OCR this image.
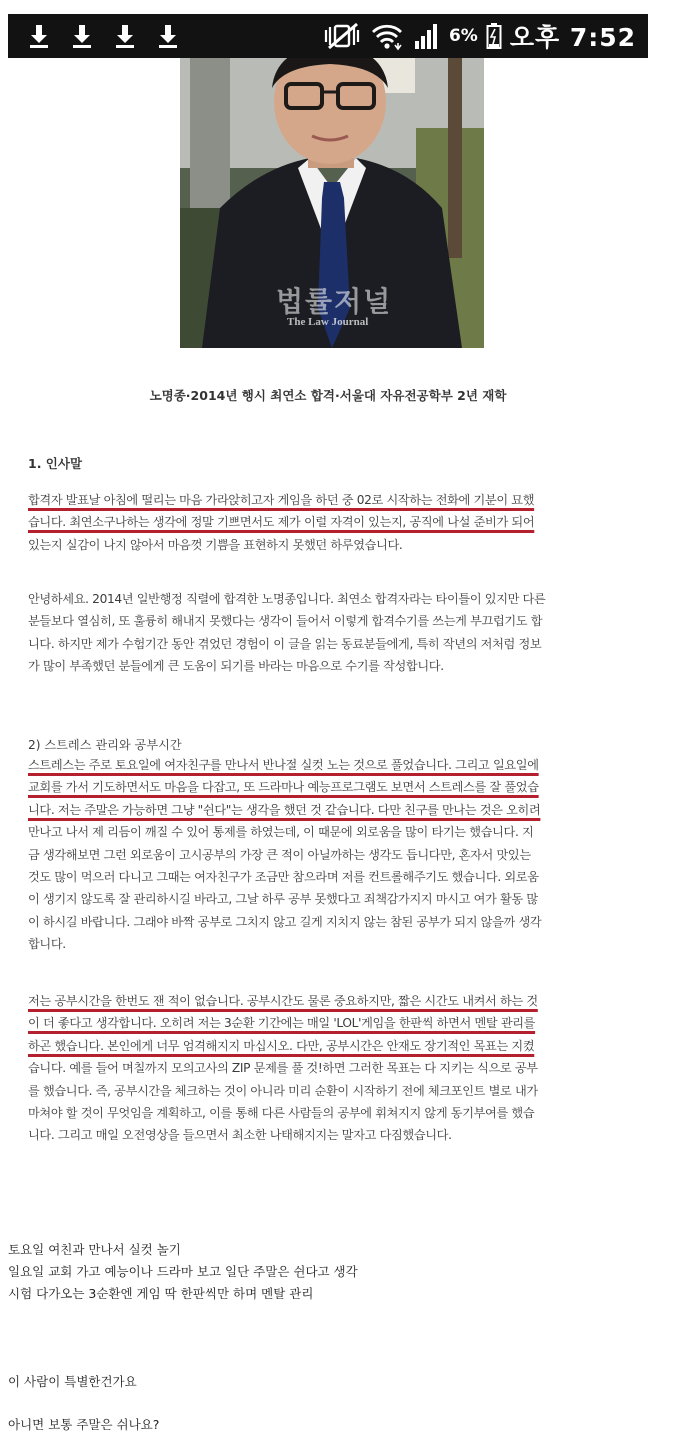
6% 오후 7:52
법률저널
The Law Journal
노명종·2014년 행시 최연소 합격·서울대 자유전공학부 2년 재학
1. 인사말
합격자 발표날 아침에 떨리는 마음 가라앉히고자 게임을 하던 중 02로 시작하는 전화에 기분이 묘했
습니다. 최연소구나하는 생각에 정말 기쁘면서도 제가 이럴 자격이 있는지, 공직에 나설 준비가 되어
있는지 실감이 나지 않아서 마음껏 기쁨을 표현하지 못했던 하루였습니다.
안녕하세요. 2014년 일반행정 직렬에 합격한 노명종입니다. 최연소 합격자라는 타이틀이 있지만 다른
분들보다 열심히, 또 훌륭히 해내지 못했다는 생각이 들어서 이렇게 합격수기를 쓰는게 부끄럽기도 합
니다. 하지만 제가 수험기간 동안 겪었던 경험이 이 글을 읽는 동료분들에게, 특히 작년의 저처럼 정보
가 많이 부족했던 분들에게 큰 도움이 되기를 바라는 마음으로 수기를 작성합니다.
2) 스트레스 관리와 공부시간
스트레스는 주로 토요일에 여자친구를 만나서 반나절 실컷 노는 것으로 풀었습니다. 그리고 일요일에
교회를 가서 기도하면서도 마음을 다잡고, 또 드라마나 예능프로그램도 보면서 스트레스를 잘 풀었습
니다. 저는 주말은 가능하면 그냥 "쉰다"는 생각을 했던 것 같습니다. 다만 친구를 만나는 것은 오히려
만나고 나서 제 리듬이 깨질 수 있어 통제를 하였는데, 이 때문에 외로움을 많이 타기는 했습니다. 지
금 생각해보면 그런 외로움이 고시공부의 가장 큰 적이 아닐까하는 생각도 듭니다만, 혼자서 맛있는
것도 많이 먹으러 다니고 그때는 여자친구가 조금만 참으라며 저를 컨트롤해주기도 했습니다. 외로움
이 생기지 않도록 잘 관리하시길 바라고, 그날 하루 공부 못했다고 죄책감가지지 마시고 여가 활동 많
이 하시길 바랍니다. 그래야 바짝 공부로 그치지 않고 길게 지치지 않는 참된 공부가 되지 않을까 생각
합니다.
저는 공부시간을 한번도 잰 적이 없습니다. 공부시간도 물론 중요하지만, 짧은 시간도 내켜서 하는 것
이 더 좋다고 생각합니다. 오히려 저는 3순환 기간에는 매일 'LOL'게임을 한판씩 하면서 멘탈 관리를
하곤 했습니다. 본인에게 너무 엄격해지지 마십시오. 다만, 공부시간은 안재도 장기적인 목표는 지켰
습니다. 예를 들어 며칠까지 모의고사의 ZIP 문제를 풀 것!하면 그러한 목표는 다 지키는 식으로 공부
를 했습니다. 즉, 공부시간을 체크하는 것이 아니라 미리 순환이 시작하기 전에 체크포인트 별로 내가
마쳐야 할 것이 무엇임을 계획하고, 이를 통해 다른 사람들의 공부에 휘쳐지지 않게 동기부여를 했습
니다. 그리고 매일 오전영상을 들으면서 최소한 나태해지지는 말자고 다짐했습니다.
토요일 여친과 만나서 실컷 놀기
일요일 교회 가고 예능이나 드라마 보고 일단 주말은 쉰다고 생각
시험 다가오는 3순환엔 게임 딱 한판씩만 하며 멘탈 관리
이 사람이 특별한건가요
아니면 보통 주말은 쉬나요?
